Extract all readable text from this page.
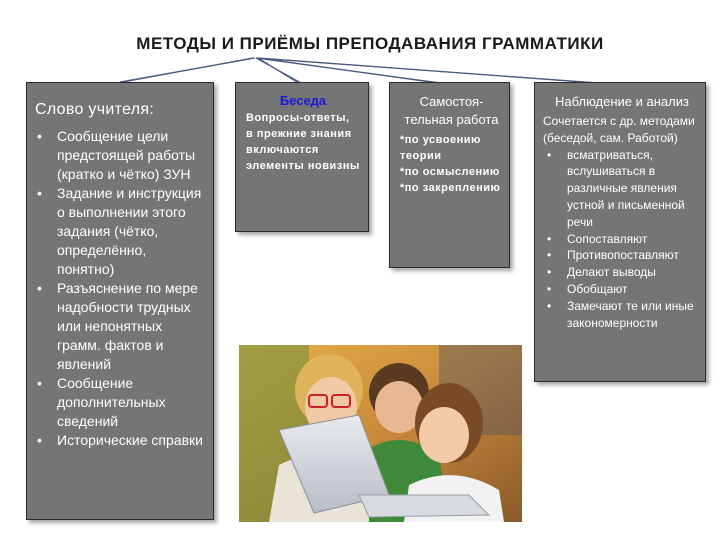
МЕТОДЫ И ПРИЁМЫ ПРЕПОДАВАНИЯ ГРАММАТИКИ
Слово учителя:
• Сообщение цели предстоящей работы (кратко и чётко) ЗУН
• Задание и инструкция о выполнении этого задания (чётко, определённо, понятно)
• Разъяснение по мере надобности трудных или непонятных грамм. фактов и явлений
• Сообщение дополнительных сведений
• Исторические справки
Беседа
Вопросы-ответы, в прежние знания включаются элементы новизны
Самостоя-тельная работа
*по усвоению теории
*по осмыслению
*по закреплению
Наблюдение и анализ
Сочетается с др. методами (беседой, сам. Работой)
• всматриваться, вслушиваться в различные явления устной и письменной речи
• Сопоставляют
• Противопоставляют
• Делают выводы
• Обобщают
• Замечают те или иные закономерности
